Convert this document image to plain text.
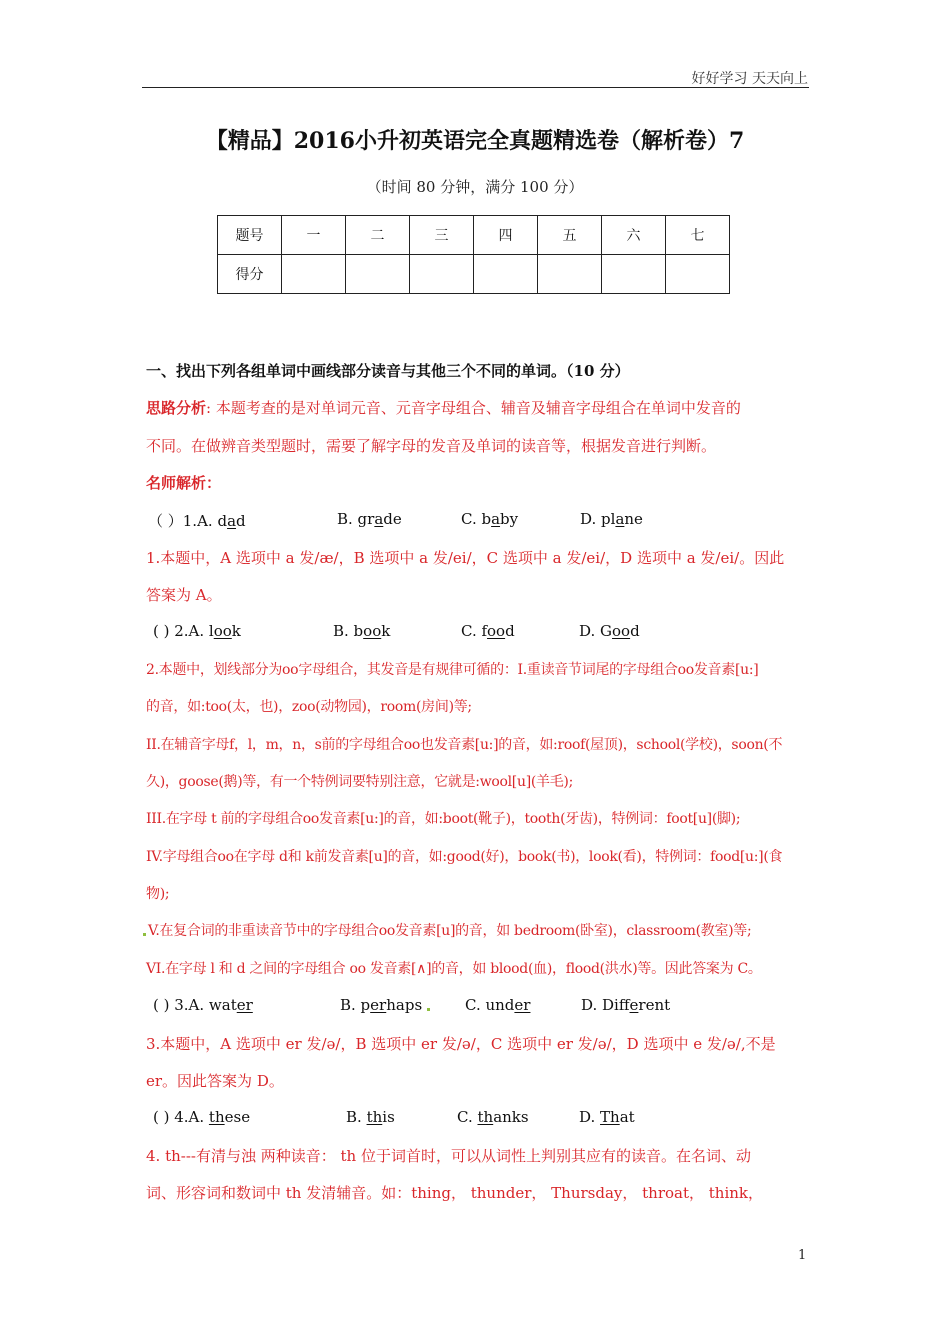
好好学习 天天向上
【精品】2016小升初英语完全真题精选卷（解析卷）7
（时间 80 分钟，满分 100 分）
题号	一	二	三	四	五	六	七
得分							
一、找出下列各组单词中画线部分读音与其他三个不同的单词。（10 分）
思路分析: 本题考查的是对单词元音、元音字母组合、辅音及辅音字母组合在单词中发音的
不同。在做辨音类型题时，需要了解字母的发音及单词的读音等，根据发音进行判断。
名师解析：
（ ）1.A. dad	B. grade	C. baby	D. plane
1.本题中，A 选项中 a 发/æ/，B 选项中 a 发/ei/，C 选项中 a 发/ei/，D 选项中 a 发/ei/。因此
答案为 A。
( ) 2.A. look	B. book	C. food	D. Good
2.本题中，划线部分为oo字母组合，其发音是有规律可循的：I.重读音节词尾的字母组合oo发音素[u:]
的音，如:too(太，也)，zoo(动物园)，room(房间)等;
II.在辅音字母f，l，m，n，s前的字母组合oo也发音素[u:]的音，如:roof(屋顶)，school(学校)，soon(不
久)，goose(鹅)等，有一个特例词要特别注意，它就是:wool[u](羊毛);
III.在字母 t 前的字母组合oo发音素[u:]的音，如:boot(靴子)，tooth(牙齿)，特例词：foot[u](脚);
IV.字母组合oo在字母 d和 k前发音素[u]的音，如:good(好)，book(书)，look(看)，特例词：food[u:](食
物);
V.在复合词的非重读音节中的字母组合oo发音素[u]的音，如 bedroom(卧室)，classroom(教室)等;
VI.在字母 l 和 d 之间的字母组合 oo 发音素[∧]的音，如 blood(血)，flood(洪水)等。因此答案为 C。
( ) 3.A. water	B. perhaps	C. under	D. Different
3.本题中，A 选项中 er 发/ə/，B 选项中 er 发/ə/，C 选项中 er 发/ə/，D 选项中 e 发/ə/,不是
er。因此答案为 D。
( ) 4.A. these	B. this	C. thanks	D. That
4. th---有清与浊 两种读音： th 位于词首时，可以从词性上判别其应有的读音。在名词、动
词、形容词和数词中 th 发清辅音。如：thing， thunder， Thursday， throat， think，
1
